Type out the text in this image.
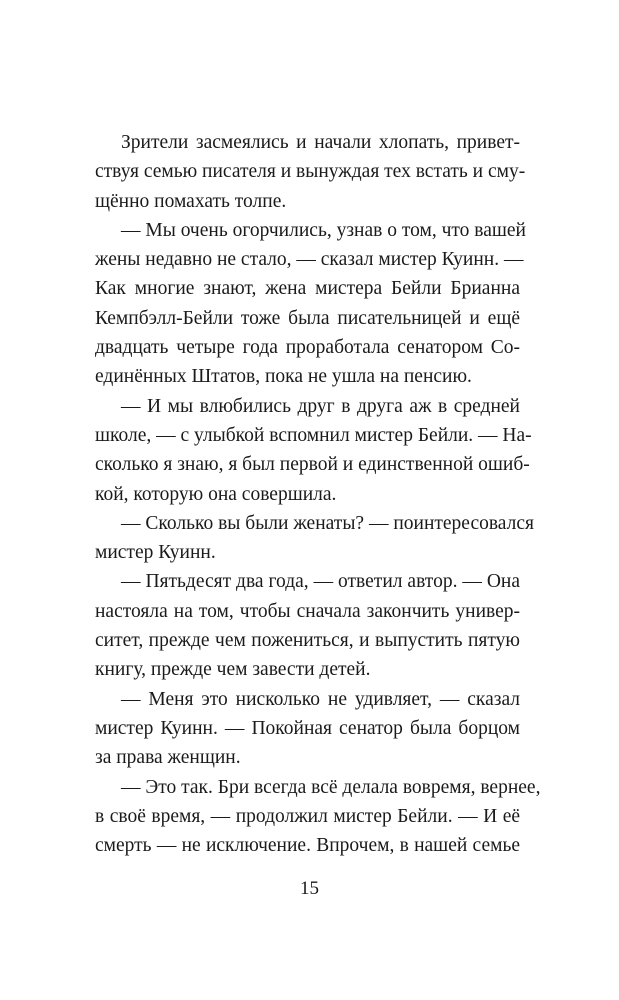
Зрители засмеялись и начали хлопать, привет-
ствуя семью писателя и вынуждая тех встать и сму-
щённо помахать толпе.
— Мы очень огорчились, узнав о том, что вашей
жены недавно не стало, — сказал мистер Куинн. —
Как многие знают, жена мистера Бейли Брианна
Кемпбэлл-Бейли тоже была писательницей и ещё
двадцать четыре года проработала сенатором Со-
единённых Штатов, пока не ушла на пенсию.
— И мы влюбились друг в друга аж в средней
школе, — с улыбкой вспомнил мистер Бейли. — На-
сколько я знаю, я был первой и единственной ошиб-
кой, которую она совершила.
— Сколько вы были женаты? — поинтересовался
мистер Куинн.
— Пятьдесят два года, — ответил автор. — Она
настояла на том, чтобы сначала закончить универ-
ситет, прежде чем пожениться, и выпустить пятую
книгу, прежде чем завести детей.
— Меня это нисколько не удивляет, — сказал
мистер Куинн. — Покойная сенатор была борцом
за права женщин.
— Это так. Бри всегда всё делала вовремя, вернее,
в своё время, — продолжил мистер Бейли. — И её
смерть — не исключение. Впрочем, в нашей семье
15
